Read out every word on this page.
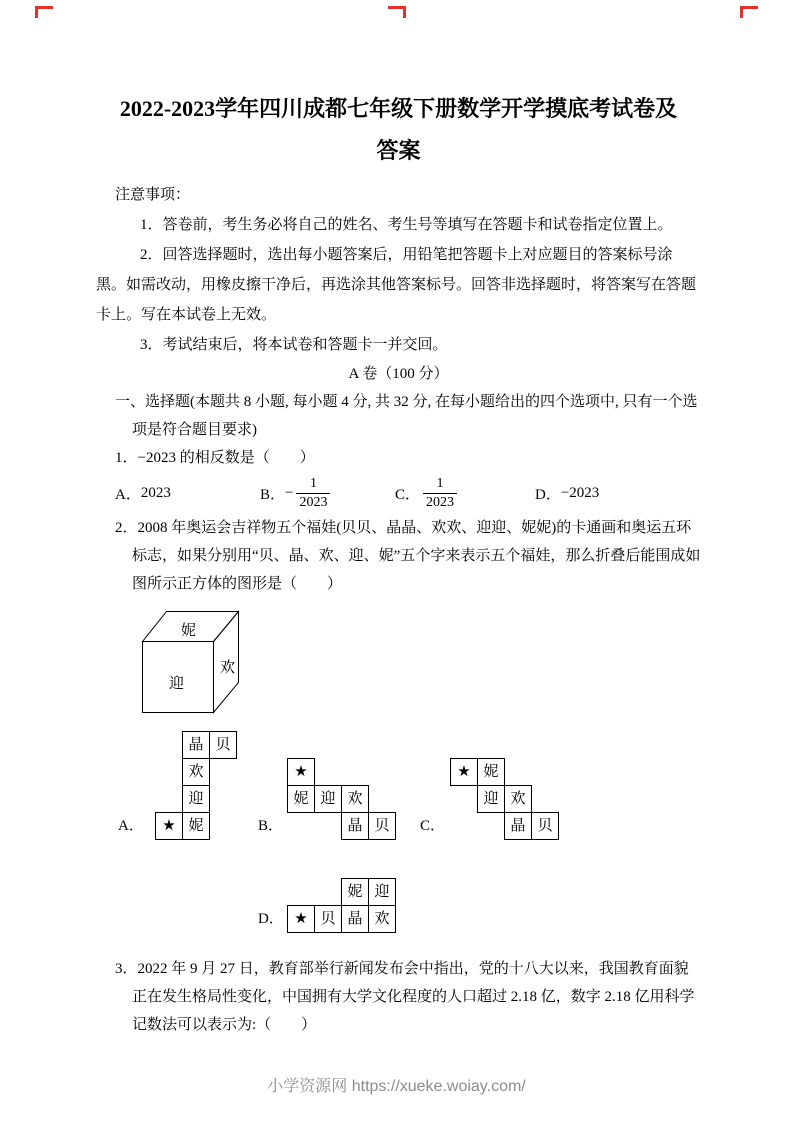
2022-2023学年四川成都七年级下册数学开学摸底考试卷及
答案

注意事项：

1．答卷前，考生务必将自己的姓名、考生号等填写在答题卡和试卷指定位置上。

2．回答选择题时，选出每小题答案后，用铅笔把答题卡上对应题目的答案标号涂黑。如需改动，用橡皮擦干净后，再选涂其他答案标号。回答非选择题时，将答案写在答题卡上。写在本试卷上无效。

3．考试结束后，将本试卷和答题卡一并交回。

A 卷（100 分）

一、选择题(本题共 8 小题, 每小题 4 分, 共 32 分, 在每小题给出的四个选项中, 只有一个选项是符合题目要求)

1．−2023 的相反数是（　　）

A． 2023	B． − $\frac{1}{2023}$	C． $\frac{1}{2023}$	D． −2023

2．2008 年奥运会吉祥物五个福娃(贝贝、晶晶、欢欢、迎迎、妮妮)的卡通画和奥运五环标志，如果分别用“贝、晶、欢、迎、妮”五个字来表示五个福娃，那么折叠后能围成如图所示正方体的图形是（　　）

妮
迎
欢
晶 贝
欢
迎
★ 妮
A．
★
妮 迎 欢
晶 贝
B．
★ 妮
迎 欢
晶 贝
C．
妮 迎
★ 贝 晶 欢
D．

3．2022 年 9 月 27 日，教育部举行新闻发布会中指出，党的十八大以来，我国教育面貌正在发生格局性变化，中国拥有大学文化程度的人口超过 2.18 亿，数字 2.18 亿用科学记数法可以表示为:（　　）

小学资源网 https://xueke.woiay.com/
